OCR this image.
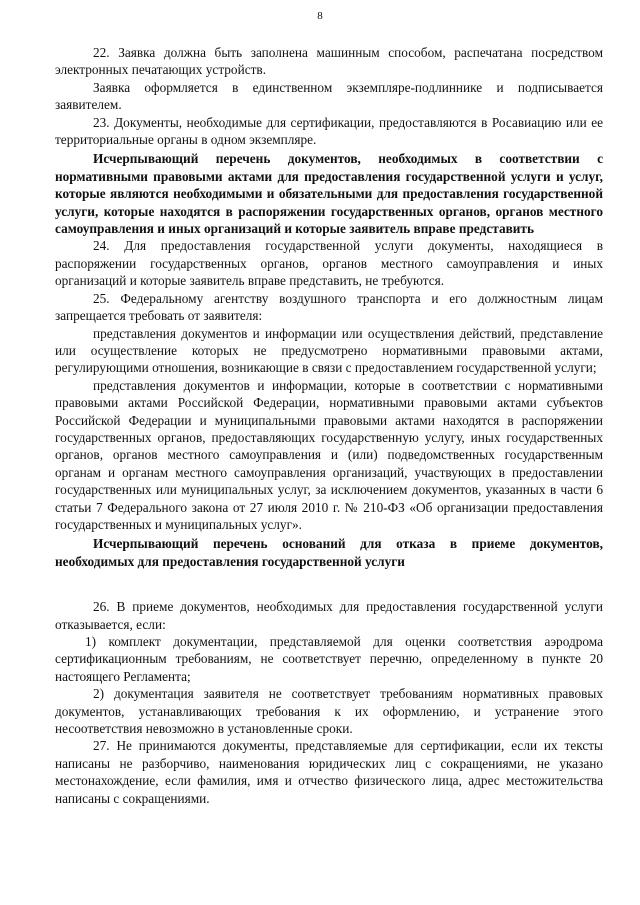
8

22. Заявка должна быть заполнена машинным способом, распечатана посредством электронных печатающих устройств.

Заявка оформляется в единственном экземпляре-подлиннике и подписывается заявителем.

23. Документы, необходимые для сертификации, предоставляются в Росавиацию или ее территориальные органы в одном экземпляре.

Исчерпывающий перечень документов, необходимых в соответствии с нормативными правовыми актами для предоставления государственной услуги и услуг, которые являются необходимыми и обязательными для предоставления государственной услуги, которые находятся в распоряжении государственных органов, органов местного самоуправления и иных организаций и которые заявитель вправе представить

24. Для предоставления государственной услуги документы, находящиеся в распоряжении государственных органов, органов местного самоуправления и иных организаций и которые заявитель вправе представить, не требуются.

25. Федеральному агентству воздушного транспорта и его должностным лицам запрещается требовать от заявителя:

представления документов и информации или осуществления действий, представление или осуществление которых не предусмотрено нормативными правовыми актами, регулирующими отношения, возникающие в связи с предоставлением государственной услуги;

представления документов и информации, которые в соответствии с нормативными правовыми актами Российской Федерации, нормативными правовыми актами субъектов Российской Федерации и муниципальными правовыми актами находятся в распоряжении государственных органов, предоставляющих государственную услугу, иных государственных органов, органов местного самоуправления и (или) подведомственных государственным органам и органам местного самоуправления организаций, участвующих в предоставлении государственных или муниципальных услуг, за исключением документов, указанных в части 6 статьи 7 Федерального закона от 27 июля 2010 г. № 210-ФЗ «Об организации предоставления государственных и муниципальных услуг».

Исчерпывающий перечень оснований для отказа в приеме документов, необходимых для предоставления государственной услуги

26. В приеме документов, необходимых для предоставления государственной услуги отказывается, если:

1) комплект документации, представляемой для оценки соответствия аэродрома сертификационным требованиям, не соответствует перечню, определенному в пункте 20 настоящего Регламента;

2) документация заявителя не соответствует требованиям нормативных правовых документов, устанавливающих требования к их оформлению, и устранение этого несоответствия невозможно в установленные сроки.

27. Не принимаются документы, представляемые для сертификации, если их тексты написаны не разборчиво, наименования юридических лиц с сокращениями, не указано местонахождение, если фамилия, имя и отчество физического лица, адрес местожительства написаны с сокращениями.
